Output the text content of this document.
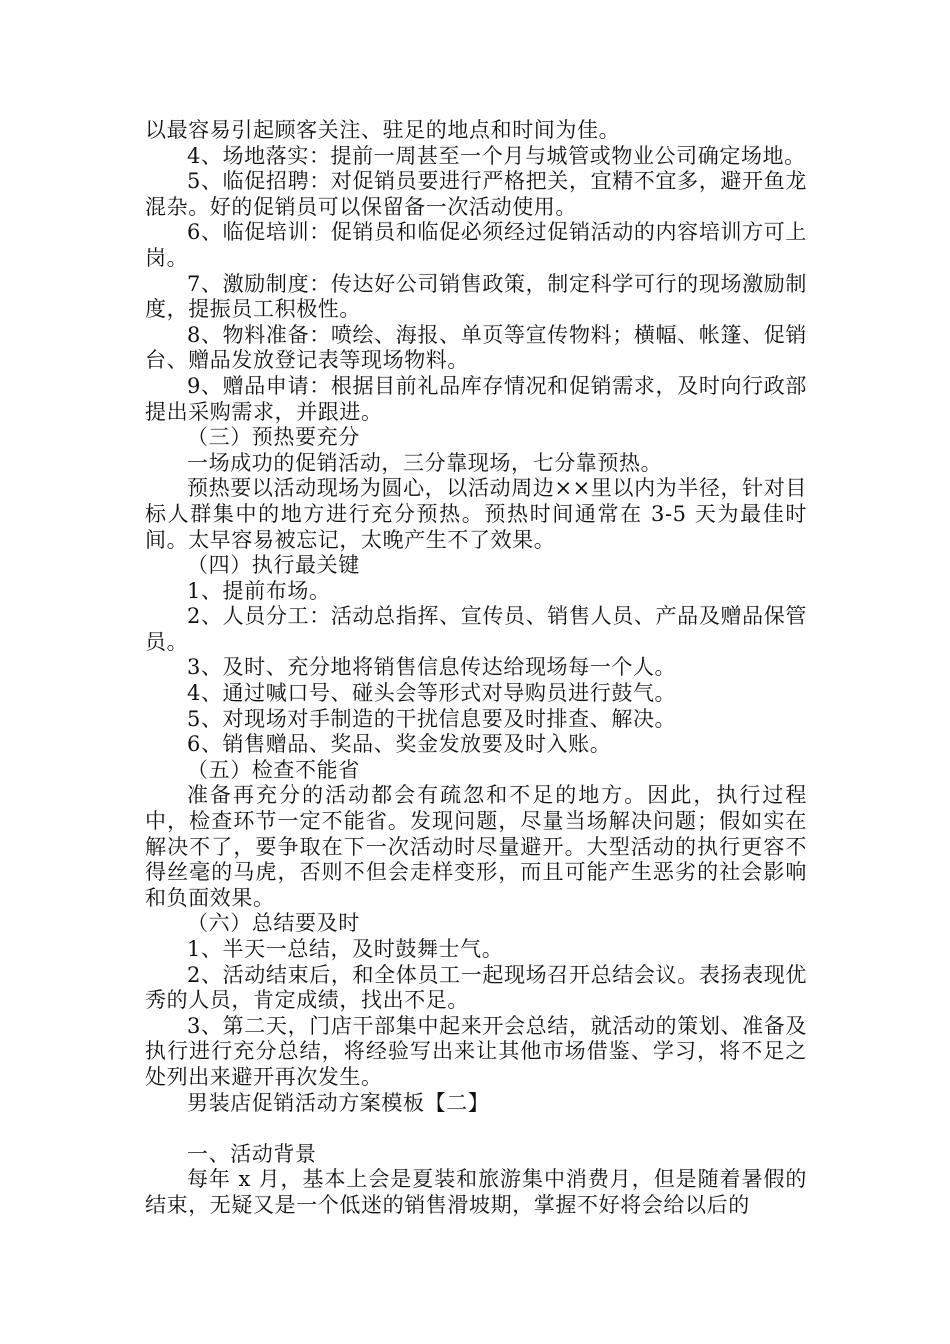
以最容易引起顾客关注、驻足的地点和时间为佳。

4、场地落实：提前一周甚至一个月与城管或物业公司确定场地。

5、临促招聘：对促销员要进行严格把关，宜精不宜多，避开鱼龙混杂。好的促销员可以保留备一次活动使用。

6、临促培训：促销员和临促必须经过促销活动的内容培训方可上岗。

7、激励制度：传达好公司销售政策，制定科学可行的现场激励制度，提振员工积极性。

8、物料准备：喷绘、海报、单页等宣传物料；横幅、帐篷、促销台、赠品发放登记表等现场物料。

9、赠品申请：根据目前礼品库存情况和促销需求，及时向行政部提出采购需求，并跟进。

（三）预热要充分

一场成功的促销活动，三分靠现场，七分靠预热。

预热要以活动现场为圆心，以活动周边××里以内为半径，针对目标人群集中的地方进行充分预热。预热时间通常在 3-5 天为最佳时间。太早容易被忘记，太晚产生不了效果。

（四）执行最关键

1、提前布场。

2、人员分工：活动总指挥、宣传员、销售人员、产品及赠品保管员。

3、及时、充分地将销售信息传达给现场每一个人。

4、通过喊口号、碰头会等形式对导购员进行鼓气。

5、对现场对手制造的干扰信息要及时排查、解决。

6、销售赠品、奖品、奖金发放要及时入账。

（五）检查不能省

准备再充分的活动都会有疏忽和不足的地方。因此，执行过程中，检查环节一定不能省。发现问题，尽量当场解决问题；假如实在解决不了，要争取在下一次活动时尽量避开。大型活动的执行更容不得丝毫的马虎，否则不但会走样变形，而且可能产生恶劣的社会影响和负面效果。

（六）总结要及时

1、半天一总结，及时鼓舞士气。

2、活动结束后，和全体员工一起现场召开总结会议。表扬表现优秀的人员，肯定成绩，找出不足。

3、第二天，门店干部集中起来开会总结，就活动的策划、准备及执行进行充分总结，将经验写出来让其他市场借鉴、学习，将不足之处列出来避开再次发生。

男装店促销活动方案模板【二】

一、活动背景

每年 x 月，基本上会是夏装和旅游集中消费月，但是随着暑假的结束，无疑又是一个低迷的销售滑坡期，掌握不好将会给以后的
